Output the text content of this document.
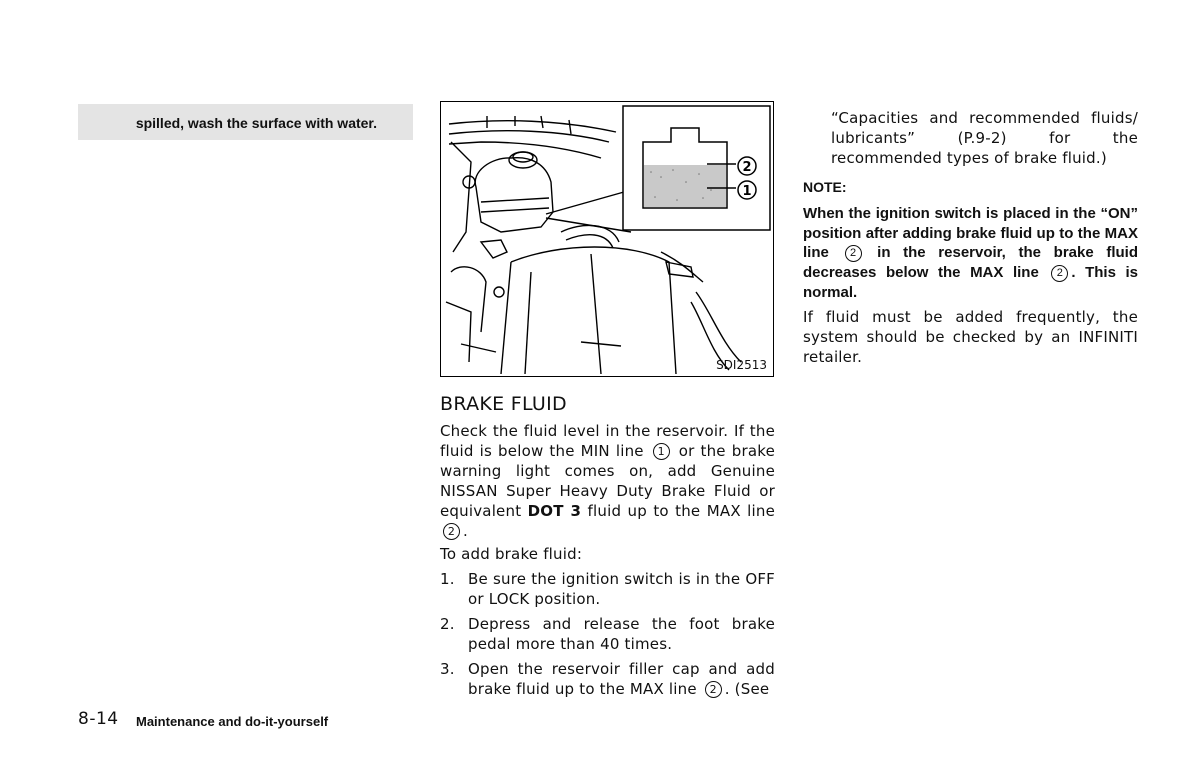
spilled, wash the surface with water.
2
1
SDI2513
BRAKE FLUID
Check the fluid level in the reservoir. If the fluid is below the MIN line 1 or the brake warning light comes on, add Genuine NISSAN Super Heavy Duty Brake Fluid or equivalent DOT 3 fluid up to the MAX line 2 .
To add brake fluid:
1. Be sure the ignition switch is in the OFF or LOCK position.
2. Depress and release the foot brake pedal more than 40 times.
3. Open the reservoir filler cap and add brake fluid up to the MAX line 2 . (See
“Capacities and recommended fluids/ lubricants” (P.9-2) for the recommended types of brake fluid.)
NOTE:
When the ignition switch is placed in the “ON” position after adding brake fluid up to the MAX line 2 in the reservoir, the brake fluid decreases below the MAX line 2 . This is normal.
If fluid must be added frequently, the system should be checked by an INFINITI retailer.
8-14 Maintenance and do-it-yourself
